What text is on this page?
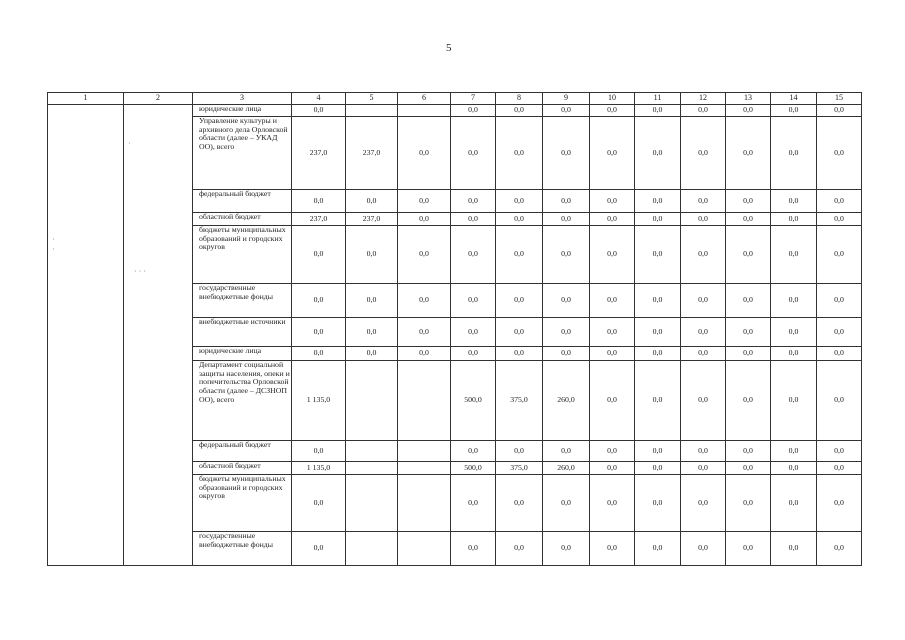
5
1	2	3	4	5	6	7	8	9	10	11	12	13	14	15
		юридические лица	0,0			0,0	0,0	0,0	0,0	0,0	0,0	0,0	0,0	0,0
		Управление культуры и архивного дела Орловской области (далее – УКАД ОО), всего	237,0	237,0	0,0	0,0	0,0	0,0	0,0	0,0	0,0	0,0	0,0	0,0
		федеральный бюджет	0,0	0,0	0,0	0,0	0,0	0,0	0,0	0,0	0,0	0,0	0,0	0,0
		областной бюджет	237,0	237,0	0,0	0,0	0,0	0,0	0,0	0,0	0,0	0,0	0,0	0,0
		бюджеты муниципальных образований и городских округов	0,0	0,0	0,0	0,0	0,0	0,0	0,0	0,0	0,0	0,0	0,0	0,0
		государственные внебюджетные фонды	0,0	0,0	0,0	0,0	0,0	0,0	0,0	0,0	0,0	0,0	0,0	0,0
		внебюджетные источники	0,0	0,0	0,0	0,0	0,0	0,0	0,0	0,0	0,0	0,0	0,0	0,0
		юридические лица	0,0	0,0	0,0	0,0	0,0	0,0	0,0	0,0	0,0	0,0	0,0	0,0
		Департамент социальной защиты населения, опеки и попечительства Орловской области (далее – ДСЗНОП ОО), всего	1 135,0			500,0	375,0	260,0	0,0	0,0	0,0	0,0	0,0	0,0
		федеральный бюджет	0,0			0,0	0,0	0,0	0,0	0,0	0,0	0,0	0,0	0,0
		областной бюджет	1 135,0			500,0	375,0	260,0	0,0	0,0	0,0	0,0	0,0	0,0
		бюджеты муниципальных образований и городских округов	0,0			0,0	0,0	0,0	0,0	0,0	0,0	0,0	0,0	0,0
		государственные внебюджетные фонды	0,0			0,0	0,0	0,0	0,0	0,0	0,0	0,0	0,0	0,0
·
·
·
· · ·
